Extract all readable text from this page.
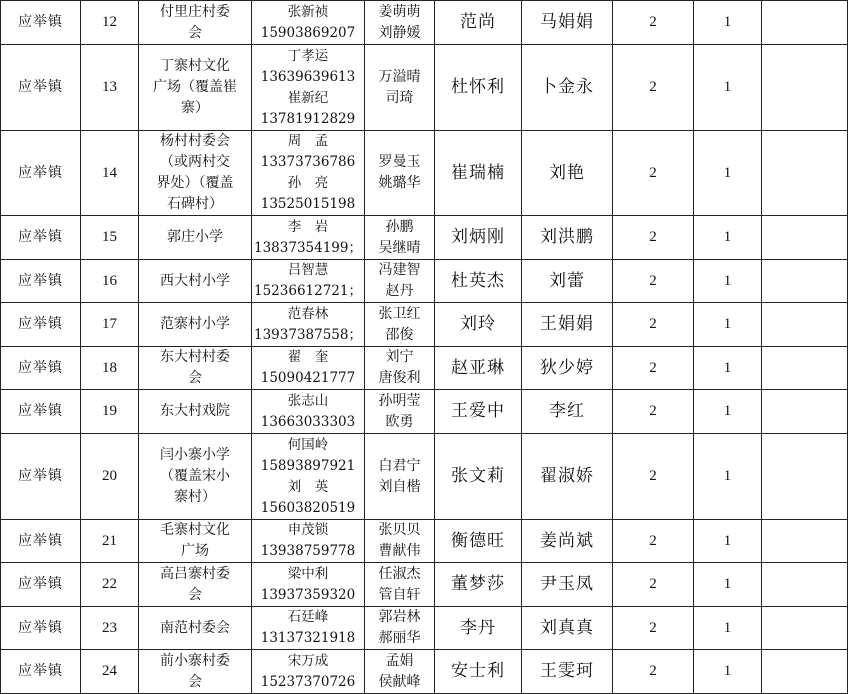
应举镇	12	付里庄村委
会	张新祯
15903869207	姜萌萌
刘静媛	范尚	马娟娟	2	1		
应举镇	13	丁寨村文化
广场（覆盖崔
寨）	丁孝运
13639639613
崔新纪
13781912829	万溢晴
司琦	杜怀利	卜金永	2	1		
应举镇	14	杨村村委会
（或两村交
界处）（覆盖
石碑村）	周　孟
13373736786
孙　亮
13525015198	罗曼玉
姚璐华	崔瑞楠	刘艳	2	1		
应举镇	15	郭庄小学	李　岩
13837354199；	孙鹏
吴继晴	刘炳刚	刘洪鹏	2	1		
应举镇	16	西大村小学	吕智慧
15236612721；	冯建智
赵丹	杜英杰	刘蕾	2	1		
应举镇	17	范寨村小学	范春林
13937387558；	张卫红
邵俊	刘玲	王娟娟	2	1		
应举镇	18	东大村村委
会	翟　奎
15090421777	刘宁
唐俊利	赵亚琳	狄少婷	2	1		
应举镇	19	东大村戏院	张志山
13663033303	孙明莹
欧勇	王爱中	李红	2	1		
应举镇	20	闫小寨小学
（覆盖宋小
寨村）	何国岭
15893897921
刘　英
15603820519	白君宁
刘自楷	张文莉	翟淑娇	2	1		
应举镇	21	毛寨村文化
广场	申茂锁
13938759778	张贝贝
曹献伟	衡德旺	姜尚斌	2	1		
应举镇	22	高吕寨村委
会	梁中利
13937359320	任淑杰
管自轩	董梦莎	尹玉凤	2	1		
应举镇	23	南范村委会	石廷峰
13137321918	郭岩林
郝丽华	李丹	刘真真	2	1		
应举镇	24	前小寨村委
会	宋万成
15237370726	孟娟
侯献峰	安士利	王雯珂	2	1		
